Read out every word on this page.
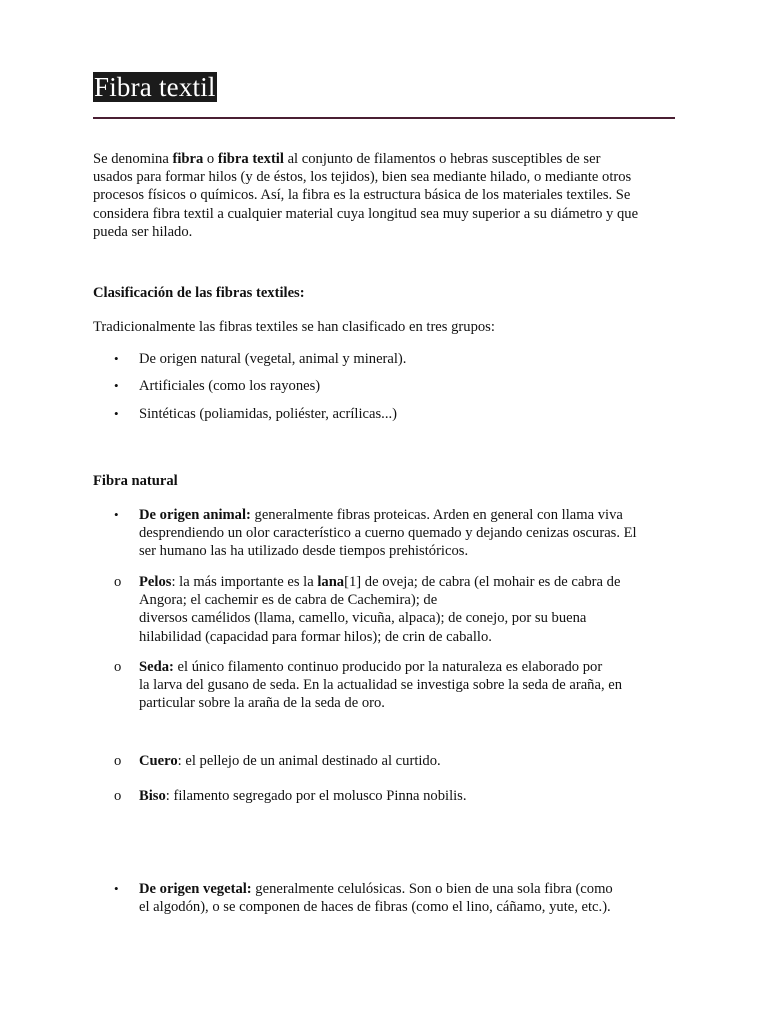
Fibra textil
Se denomina fibra o fibra textil al conjunto de filamentos o hebras susceptibles de ser
usados para formar hilos (y de éstos, los tejidos), bien sea mediante hilado, o mediante otros
procesos físicos o químicos. Así, la fibra es la estructura básica de los materiales textiles. Se
considera fibra textil a cualquier material cuya longitud sea muy superior a su diámetro y que
pueda ser hilado.
Clasificación de las fibras textiles:
Tradicionalmente las fibras textiles se han clasificado en tres grupos:
• De origen natural (vegetal, animal y mineral).
• Artificiales (como los rayones)
• Sintéticas (poliamidas, poliéster, acrílicas...)
Fibra natural
• De origen animal: generalmente fibras proteicas. Arden en general con llama viva
desprendiendo un olor característico a cuerno quemado y dejando cenizas oscuras. El
ser humano las ha utilizado desde tiempos prehistóricos.
o Pelos: la más importante es la lana[1] de oveja; de cabra (el mohair es de cabra de
Angora; el cachemir es de cabra de Cachemira); de
diversos camélidos (llama, camello, vicuña, alpaca); de conejo, por su buena
hilabilidad (capacidad para formar hilos); de crin de caballo.
o Seda: el único filamento continuo producido por la naturaleza es elaborado por
la larva del gusano de seda. En la actualidad se investiga sobre la seda de araña, en
particular sobre la araña de la seda de oro.
o Cuero: el pellejo de un animal destinado al curtido.
o Biso: filamento segregado por el molusco Pinna nobilis.
• De origen vegetal: generalmente celulósicas. Son o bien de una sola fibra (como
el algodón), o se componen de haces de fibras (como el lino, cáñamo, yute, etc.).
